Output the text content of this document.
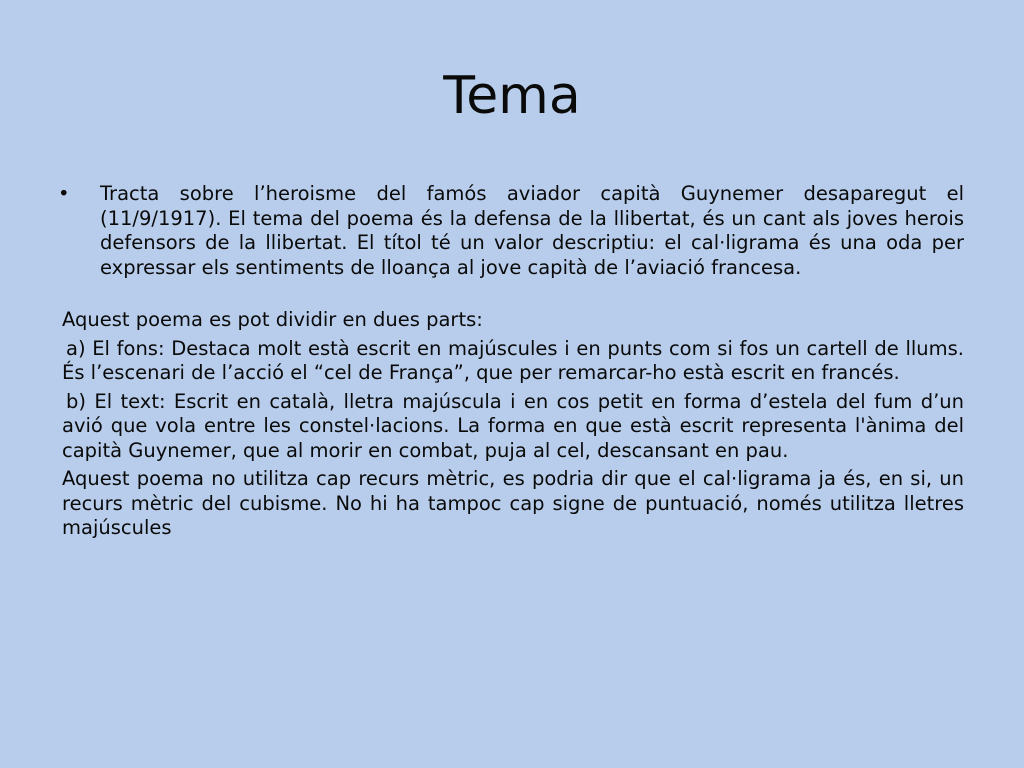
Tema
• Tracta sobre l’heroisme del famós aviador capità Guynemer desaparegut el (11/9/1917). El tema del poema és la defensa de la llibertat, és un cant als joves herois defensors de la llibertat. El títol té un valor descriptiu: el cal·ligrama és una oda per expressar els sentiments de lloança al jove capità de l’aviació francesa.

Aquest poema es pot dividir en dues parts:

a) El fons: Destaca molt està escrit en majúscules i en punts com si fos un cartell de llums. És l’escenari de l’acció el “cel de França”, que per remarcar-ho està escrit en francés.

b) El text: Escrit en català, lletra majúscula i en cos petit en forma d’estela del fum d’un avió que vola entre les constel·lacions. La forma en que està escrit representa l'ànima del capità Guynemer, que al morir en combat, puja al cel, descansant en pau.

Aquest poema no utilitza cap recurs mètric, es podria dir que el cal·ligrama ja és, en si, un recurs mètric del cubisme. No hi ha tampoc cap signe de puntuació, només utilitza lletres majúscules
